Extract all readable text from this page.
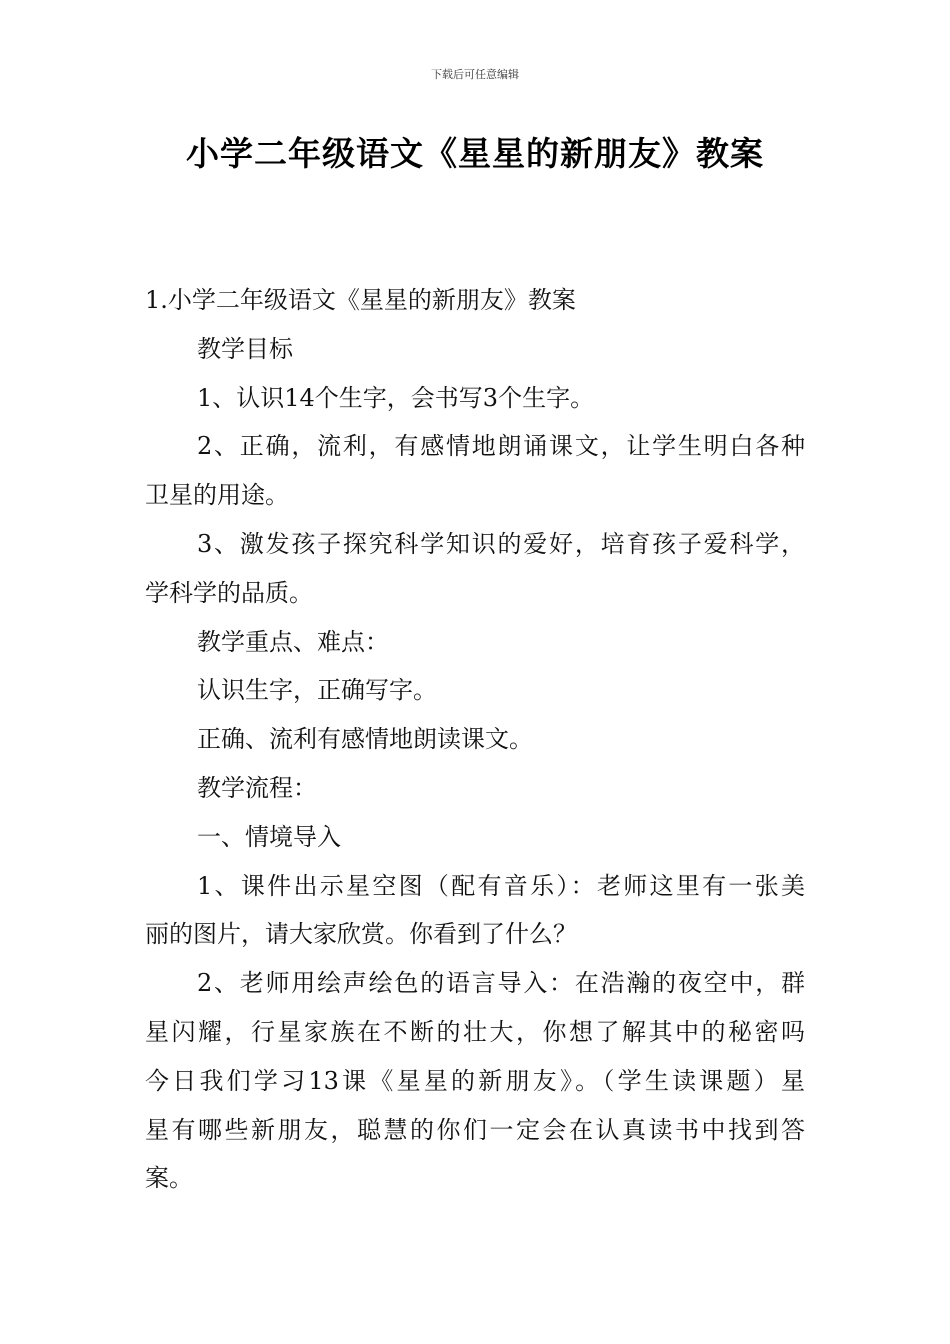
下载后可任意编辑
小学二年级语文《星星的新朋友》教案
1.小学二年级语文《星星的新朋友》教案
教学目标
1、认识14个生字，会书写3个生字。
2、正确，流利，有感情地朗诵课文，让学生明白各种
卫星的用途。
3、激发孩子探究科学知识的爱好，培育孩子爱科学，
学科学的品质。
教学重点、难点：
认识生字，正确写字。
正确、流利有感情地朗读课文。
教学流程：
一、情境导入
1、课件出示星空图（配有音乐）：老师这里有一张美
丽的图片，请大家欣赏。你看到了什么？
2、老师用绘声绘色的语言导入：在浩瀚的夜空中，群
星闪耀，行星家族在不断的壮大，你想了解其中的秘密吗
今日我们学习13课《星星的新朋友》。（学生读课题）星
星有哪些新朋友，聪慧的你们一定会在认真读书中找到答
案。
